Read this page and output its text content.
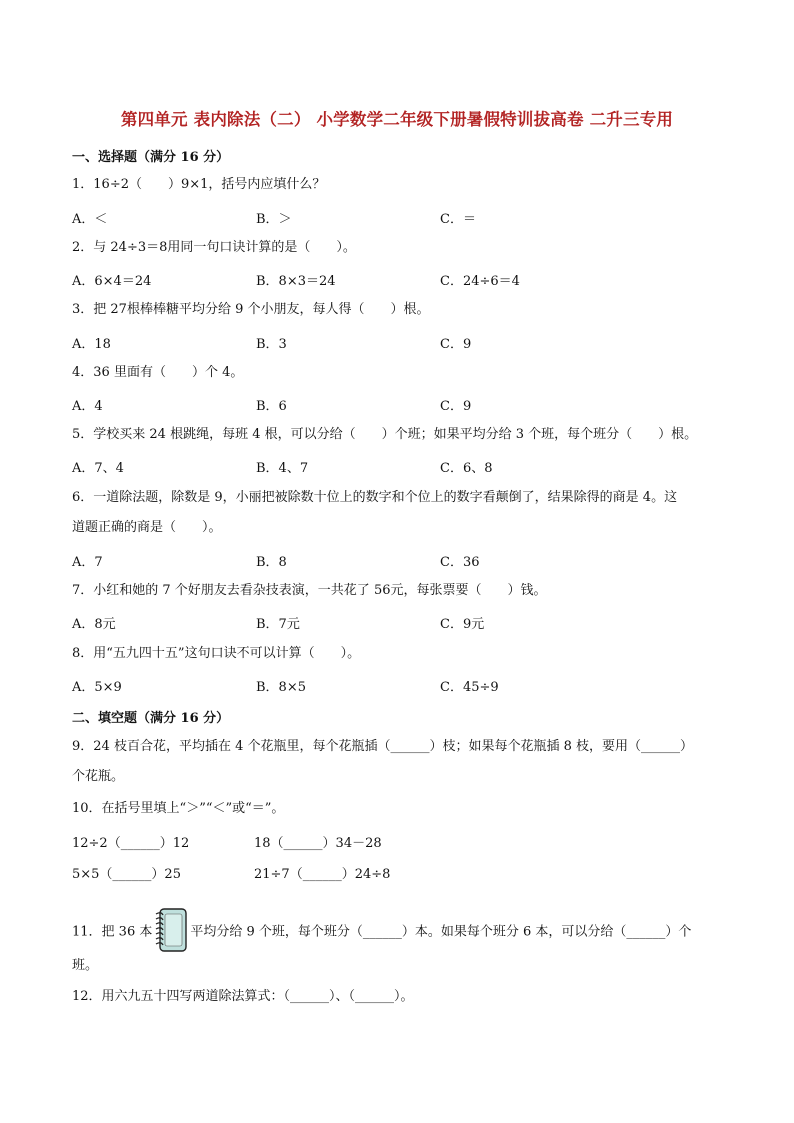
第四单元 表内除法（二） 小学数学二年级下册暑假特训拔高卷 二升三专用
一、选择题（满分 16 分）
1．16÷2（　　）9×1，括号内应填什么？
A．＜	B．＞	C．＝
2．与 24÷3＝8用同一句口诀计算的是（　　）。
A．6×4＝24	B．8×3＝24	C．24÷6＝4
3．把 27根棒棒糖平均分给 9 个小朋友，每人得（　　）根。
A．18	B．3	C．9
4．36 里面有（　　）个 4。
A．4	B．6	C．9
5．学校买来 24 根跳绳，每班 4 根，可以分给（　　）个班；如果平均分给 3 个班，每个班分（　　）根。
A．7、4	B．4、7	C．6、8
6．一道除法题，除数是 9，小丽把被除数十位上的数字和个位上的数字看颠倒了，结果除得的商是 4。这
道题正确的商是（　　）。
A．7	B．8	C．36
7．小红和她的 7 个好朋友去看杂技表演，一共花了 56元，每张票要（　　）钱。
A．8元	B．7元	C．9元
8．用“五九四十五”这句口诀不可以计算（　　）。
A．5×9	B．8×5	C．45÷9
二、填空题（满分 16 分）
9．24 枝百合花，平均插在 4 个花瓶里，每个花瓶插（______）枝；如果每个花瓶插 8 枝，要用（______）
个花瓶。
10．在括号里填上“＞”“＜”或“＝”。
12÷2（______）12	18（______）34－28
5×5（______）25	21÷7（______）24÷8
11．把 36 本	平均分给 9 个班，每个班分（______）本。如果每个班分 6 本，可以分给（______）个
班。
12．用六九五十四写两道除法算式：（______）、（______）。
